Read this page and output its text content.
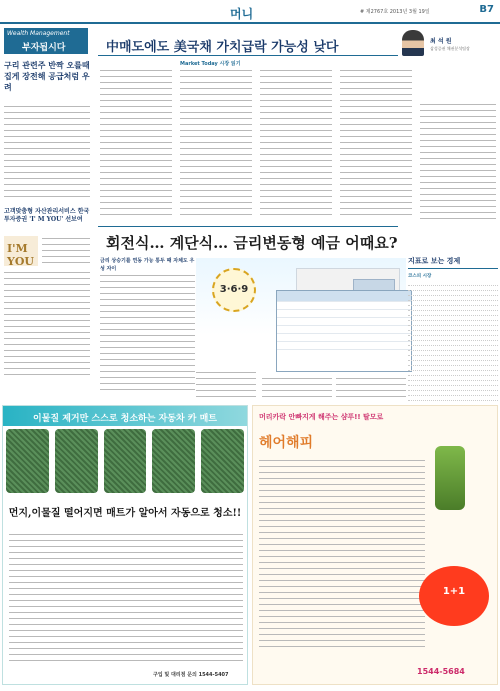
머니	# 제2767호 2013년 3월 19일	B7
Wealth Management
부자됩시다
구리 관련주 반짝 오를때 집게 장전해 공급처럼 우려
고객맞춤형 자산관리서비스 한국투자증권 'I' M YOU' 선보여
I'M YOU
中매도에도 美국채 가치급락 가능성 낮다	최 석 원
삼성증권 채권분석팀장
Market Today 시장 읽기
회전식… 계단식… 금리변동형 예금 어때요?
금리 상승기를 연동 가능 통두 때 자체도 우성 자이
3·6·9
지표로 보는 경제
코스피 시장
이물질 제거만 스스로 청소하는 자동차 카 매트
먼지,이물질 떨어지면 매트가 알아서 자동으로 청소!!
구입 및 대리점 문의 1544-5407
머리카락 안빠지게 해주는 샴푸!! 탈모로
헤어해피
1+1
1544-5684
